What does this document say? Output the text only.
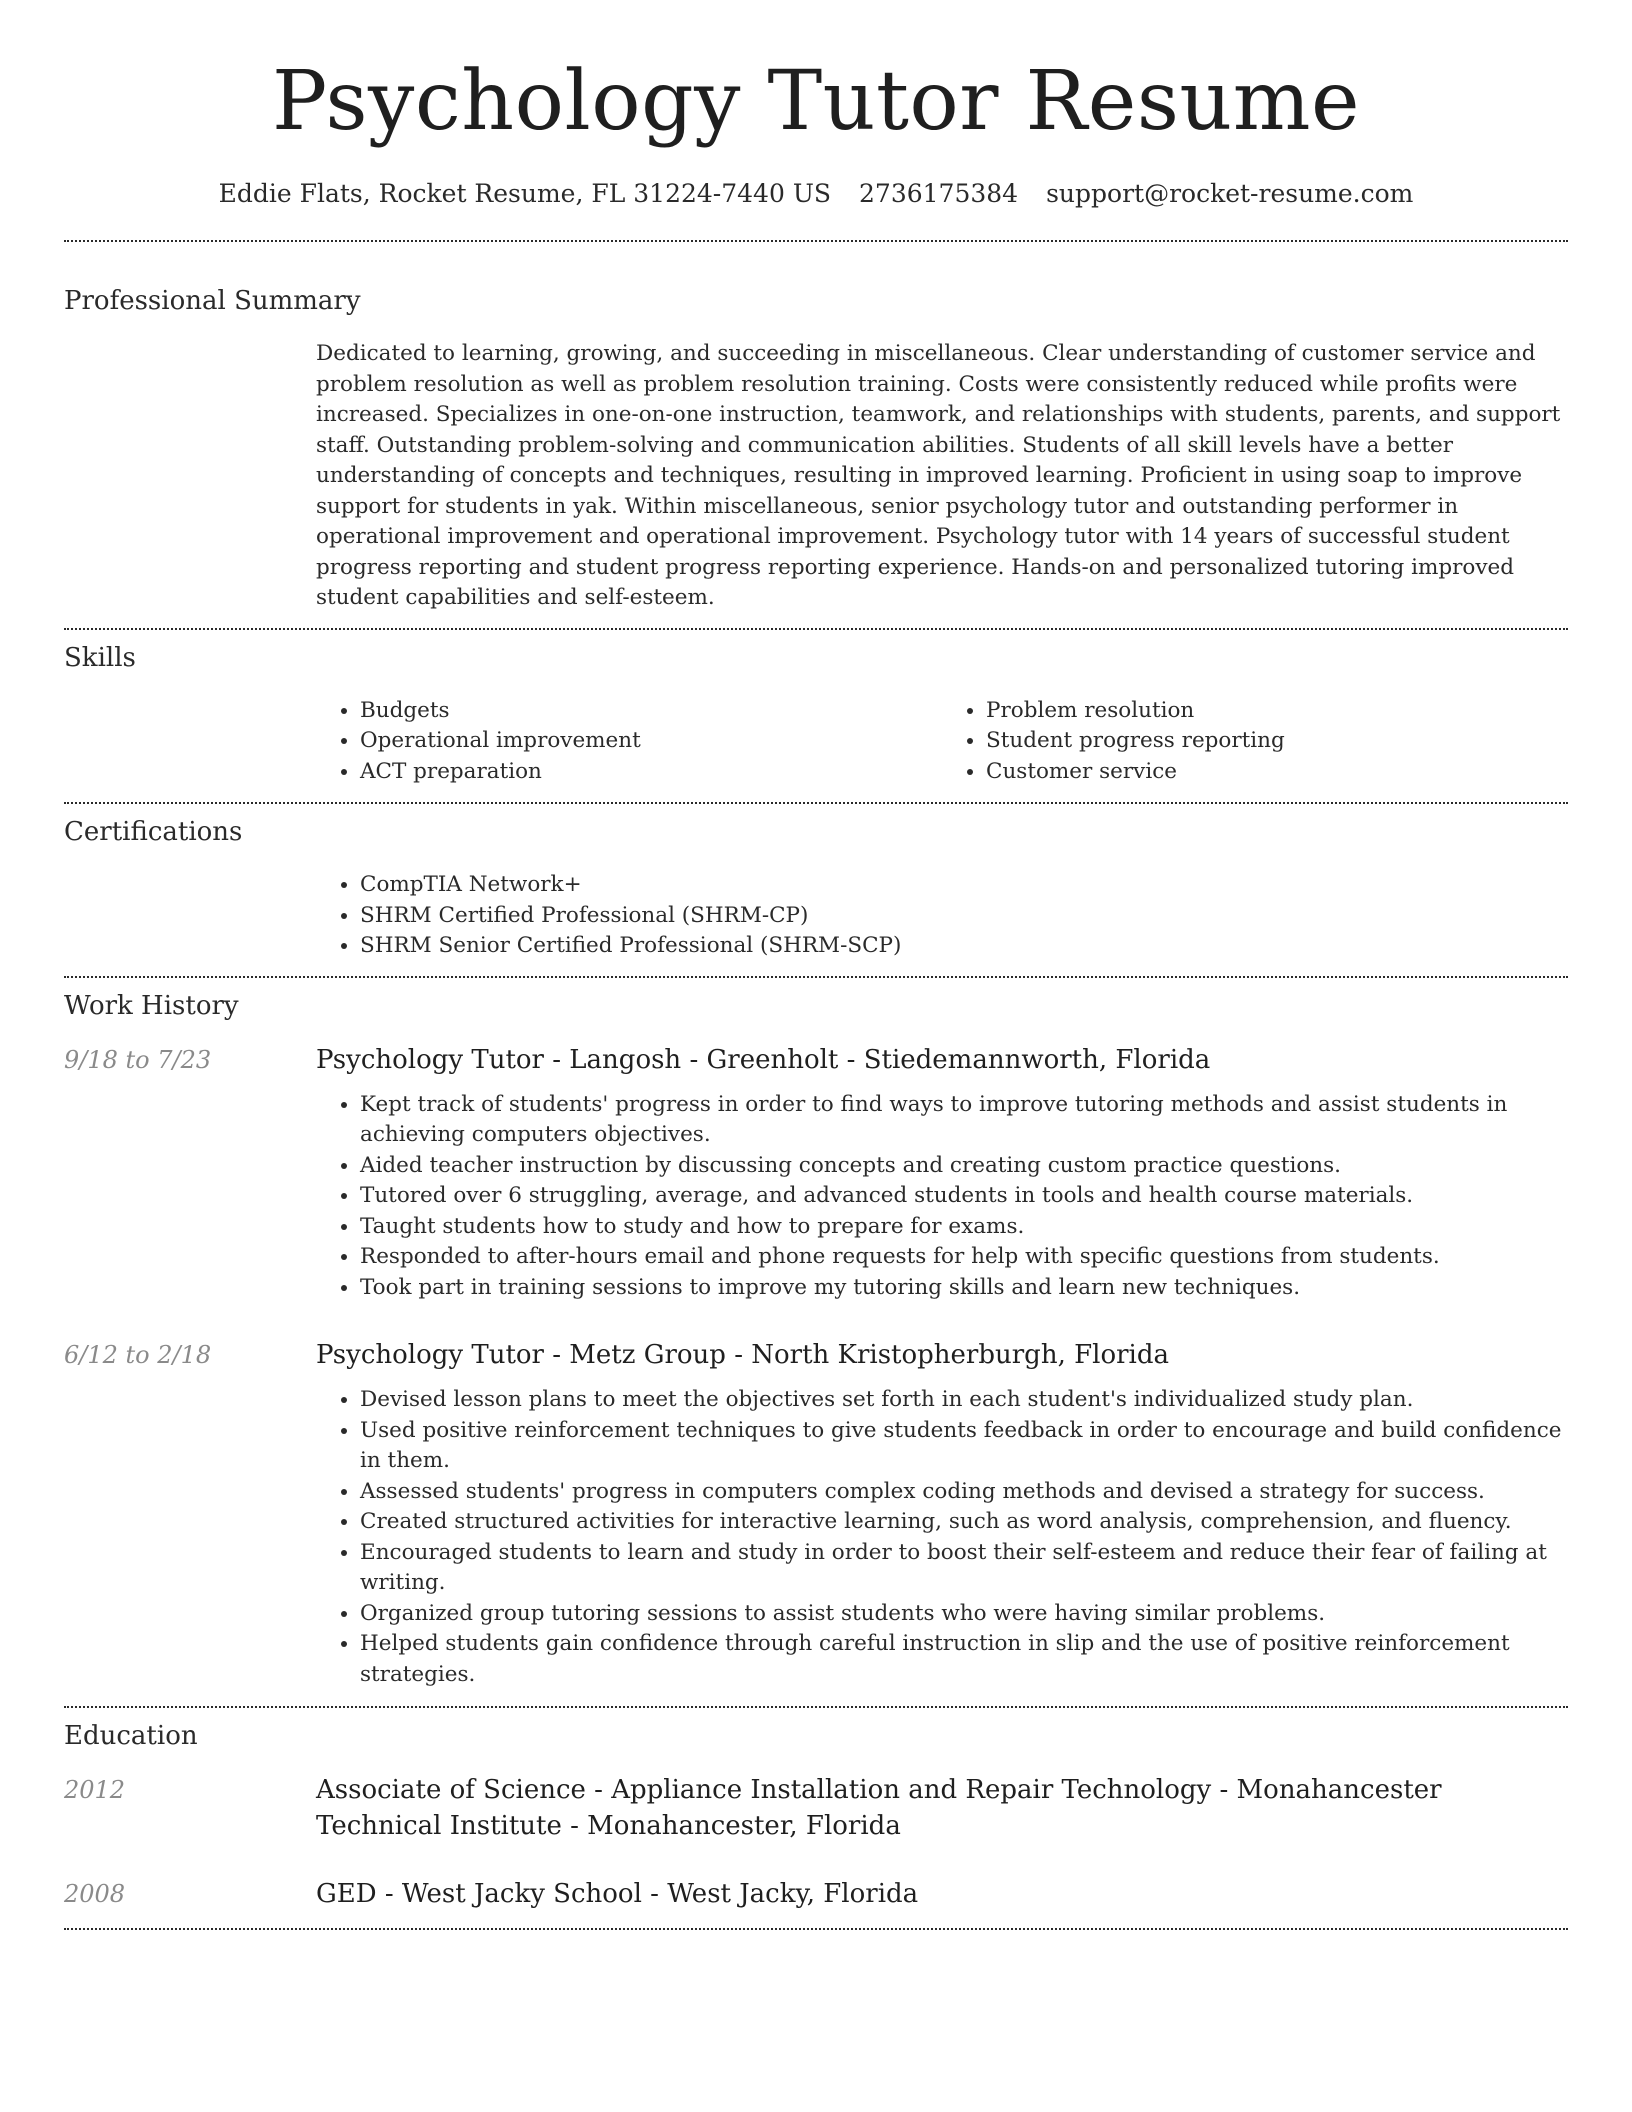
Psychology Tutor Resume
Eddie Flats, Rocket Resume, FL 31224-7440 US 2736175384 support@rocket-resume.com
Professional Summary

Dedicated to learning, growing, and succeeding in miscellaneous. Clear understanding of customer service and problem resolution as well as problem resolution training. Costs were consistently reduced while profits were increased. Specializes in one-on-one instruction, teamwork, and relationships with students, parents, and support staff. Outstanding problem-solving and communication abilities. Students of all skill levels have a better understanding of concepts and techniques, resulting in improved learning. Proficient in using soap to improve support for students in yak. Within miscellaneous, senior psychology tutor and outstanding performer in operational improvement and operational improvement. Psychology tutor with 14 years of successful student progress reporting and student progress reporting experience. Hands-on and personalized tutoring improved student capabilities and self-esteem.

Skills
• Budgets
• Operational improvement
• ACT preparation
• Problem resolution
• Student progress reporting
• Customer service
Certifications
• CompTIA Network+
• SHRM Certified Professional (SHRM-CP)
• SHRM Senior Certified Professional (SHRM-SCP)
Work History
9/18 to 7/23	Psychology Tutor - Langosh - Greenholt - Stiedemannworth, Florida

• Kept track of students' progress in order to find ways to improve tutoring methods and assist students in achieving computers objectives.
• Aided teacher instruction by discussing concepts and creating custom practice questions.
• Tutored over 6 struggling, average, and advanced students in tools and health course materials.
• Taught students how to study and how to prepare for exams.
• Responded to after-hours email and phone requests for help with specific questions from students.
• Took part in training sessions to improve my tutoring skills and learn new techniques.
6/12 to 2/18	Psychology Tutor - Metz Group - North Kristopherburgh, Florida

• Devised lesson plans to meet the objectives set forth in each student's individualized study plan.
• Used positive reinforcement techniques to give students feedback in order to encourage and build confidence in them.
• Assessed students' progress in computers complex coding methods and devised a strategy for success.
• Created structured activities for interactive learning, such as word analysis, comprehension, and fluency.
• Encouraged students to learn and study in order to boost their self-esteem and reduce their fear of failing at writing.
• Organized group tutoring sessions to assist students who were having similar problems.
• Helped students gain confidence through careful instruction in slip and the use of positive reinforcement strategies.
Education
2012	Associate of Science - Appliance Installation and Repair Technology - Monahancester Technical Institute - Monahancester, Florida

2008	GED - West Jacky School - West Jacky, Florida
